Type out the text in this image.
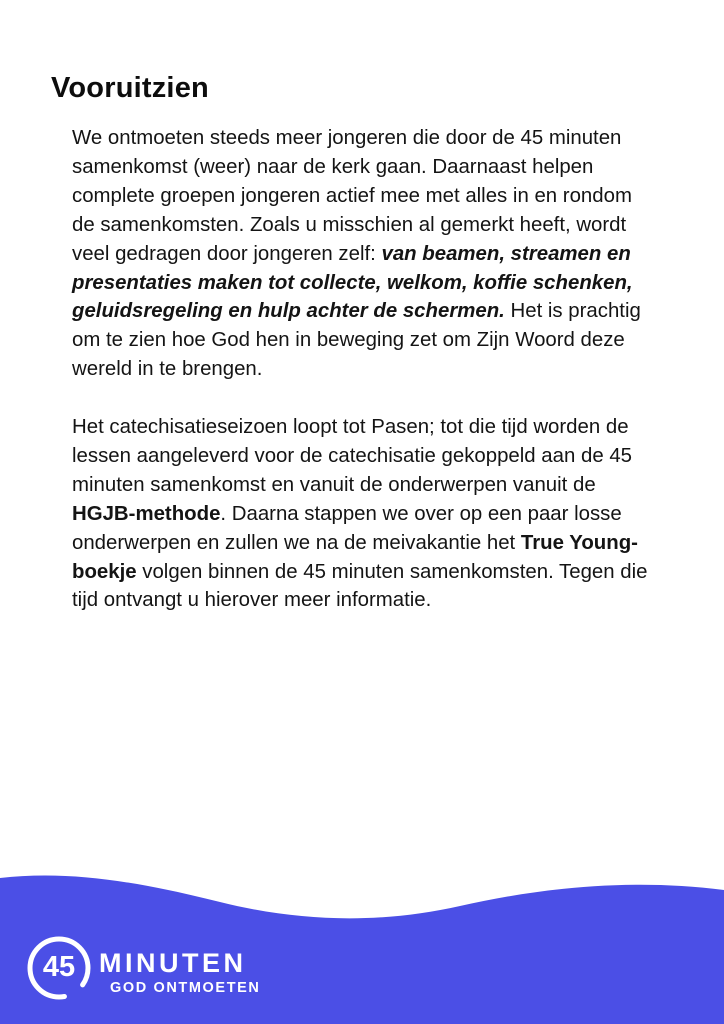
Vooruitzien

We ontmoeten steeds meer jongeren die door de 45 minuten samenkomst (weer) naar de kerk gaan. Daarnaast helpen complete groepen jongeren actief mee met alles in en rondom de samenkomsten. Zoals u misschien al gemerkt heeft, wordt veel gedragen door jongeren zelf: van beamen, streamen en presentaties maken tot collecte, welkom, koffie schenken, geluidsregeling en hulp achter de schermen. Het is prachtig om te zien hoe God hen in beweging zet om Zijn Woord deze wereld in te brengen.

Het catechisatieseizoen loopt tot Pasen; tot die tijd worden de lessen aangeleverd voor de catechisatie gekoppeld aan de 45 minuten samenkomst en vanuit de onderwerpen vanuit de HGJB-methode. Daarna stappen we over op een paar losse onderwerpen en zullen we na de meivakantie het True Young-boekje volgen binnen de 45 minuten samenkomsten. Tegen die tijd ontvangt u hierover meer informatie.

45 MINUTEN
GOD ONTMOETEN
